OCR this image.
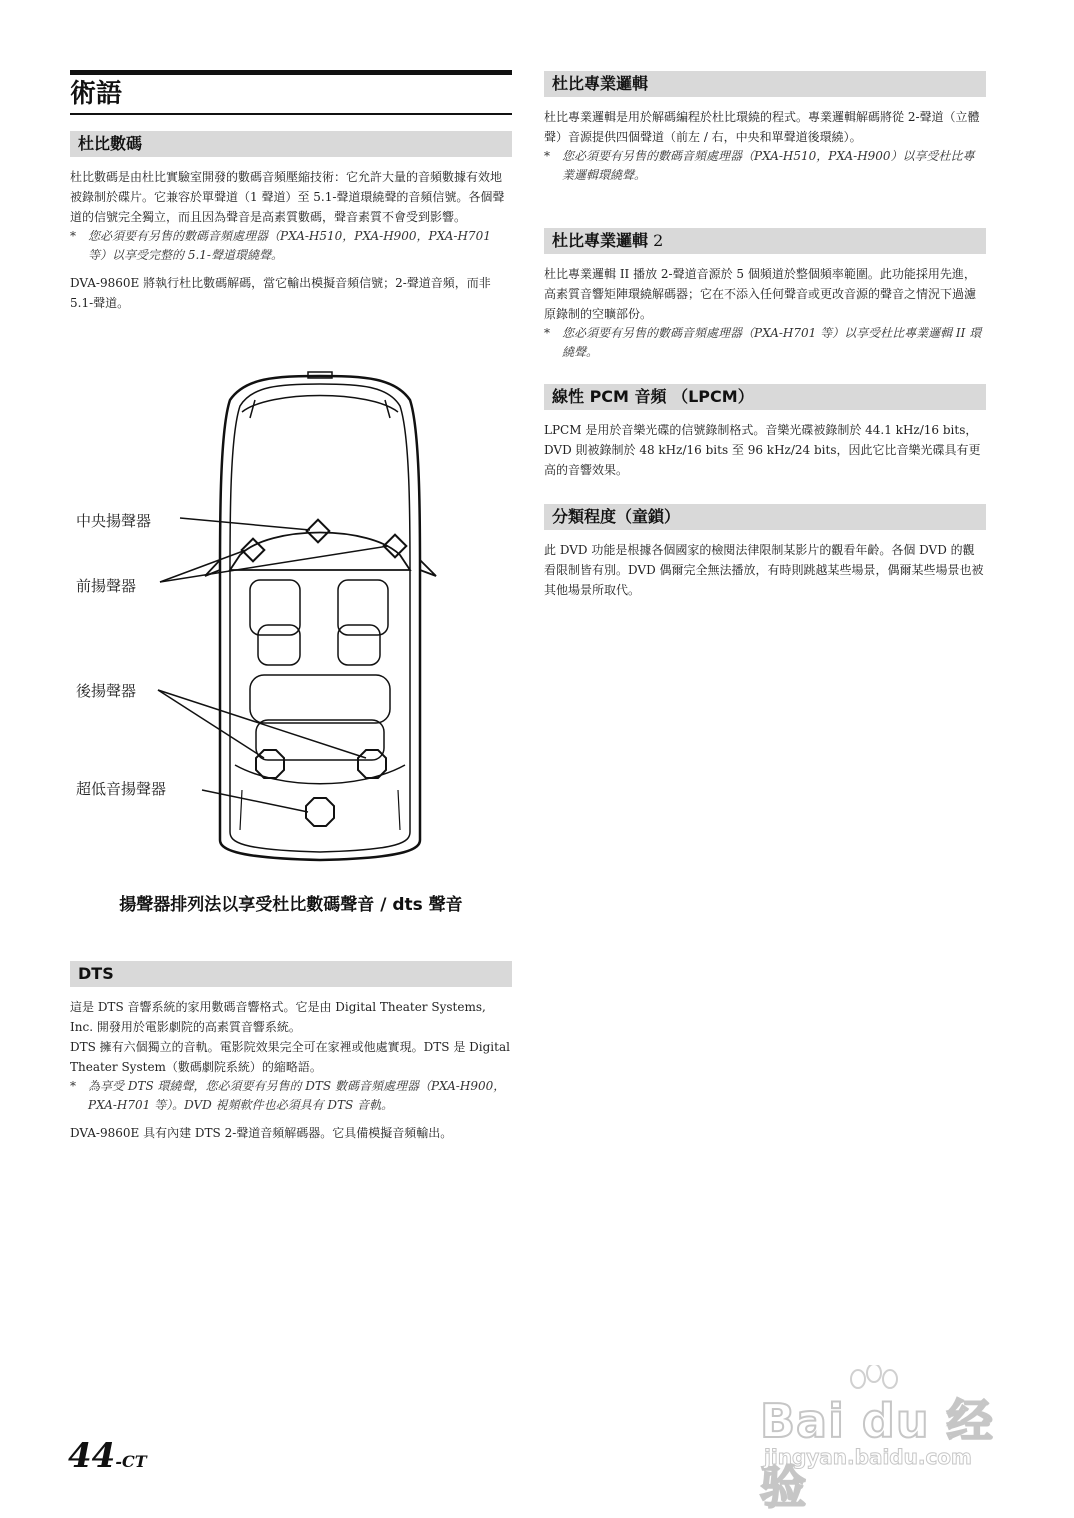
術語
杜比數碼

杜比數碼是由杜比實驗室開發的數碼音頻壓縮技術：它允許大量的音頻數據有效地被錄制於碟片。它兼容於單聲道（1 聲道）至 5.1-聲道環繞聲的音頻信號。各個聲道的信號完全獨立，而且因為聲音是高素質數碼，聲音素質不會受到影響。

* 您必須要有另售的數碼音頻處理器（PXA-H510，PXA-H900，PXA-H701 等）以享受完整的 5.1-聲道環繞聲。

DVA-9860E 將執行杜比數碼解碼，當它輸出模擬音頻信號；2-聲道音頻，而非 5.1-聲道。

中央揚聲器
前揚聲器
後揚聲器
超低音揚聲器
揚聲器排列法以享受杜比數碼聲音 / dts 聲音
DTS

這是 DTS 音響系統的家用數碼音響格式。它是由 Digital Theater Systems, Inc. 開發用於電影劇院的高素質音響系統。

DTS 擁有六個獨立的音軌。電影院效果完全可在家裡或他處實現。DTS 是 Digital Theater System（數碼劇院系統）的縮略語。

* 為享受 DTS 環繞聲，您必須要有另售的 DTS 數碼音頻處理器（PXA-H900，PXA-H701 等）。DVD 視頻軟件也必須具有 DTS 音軌。

DVA-9860E 具有內建 DTS 2-聲道音頻解碼器。它具備模擬音頻輸出。

杜比專業邏輯

杜比專業邏輯是用於解碼編程於杜比環繞的程式。專業邏輯解碼將從 2-聲道（立體聲）音源提供四個聲道（前左 / 右，中央和單聲道後環繞）。

* 您必須要有另售的數碼音頻處理器（PXA-H510，PXA-H900）以享受杜比專業邏輯環繞聲。

杜比專業邏輯 2

杜比專業邏輯 II 播放 2-聲道音源於 5 個頻道於整個頻率範圍。此功能採用先進，高素質音響矩陣環繞解碼器；它在不添入任何聲音或更改音源的聲音之情況下過濾原錄制的空曠部份。

* 您必須要有另售的數碼音頻處理器（PXA-H701 等）以享受杜比專業邏輯 II 環繞聲。

線性 PCM 音頻 （LPCM）

LPCM 是用於音樂光碟的信號錄制格式。音樂光碟被錄制於 44.1 kHz/16 bits，DVD 則被錄制於 48 kHz/16 bits 至 96 kHz/24 bits，因此它比音樂光碟具有更高的音響效果。

分類程度（童鎖）

此 DVD 功能是根據各個國家的檢閱法律限制某影片的觀看年齡。各個 DVD 的觀看限制皆有別。DVD 偶爾完全無法播放，有時則跳越某些場景，偶爾某些場景也被其他場景所取代。

44-CT
Bai du 经验
jingyan.baidu.com
